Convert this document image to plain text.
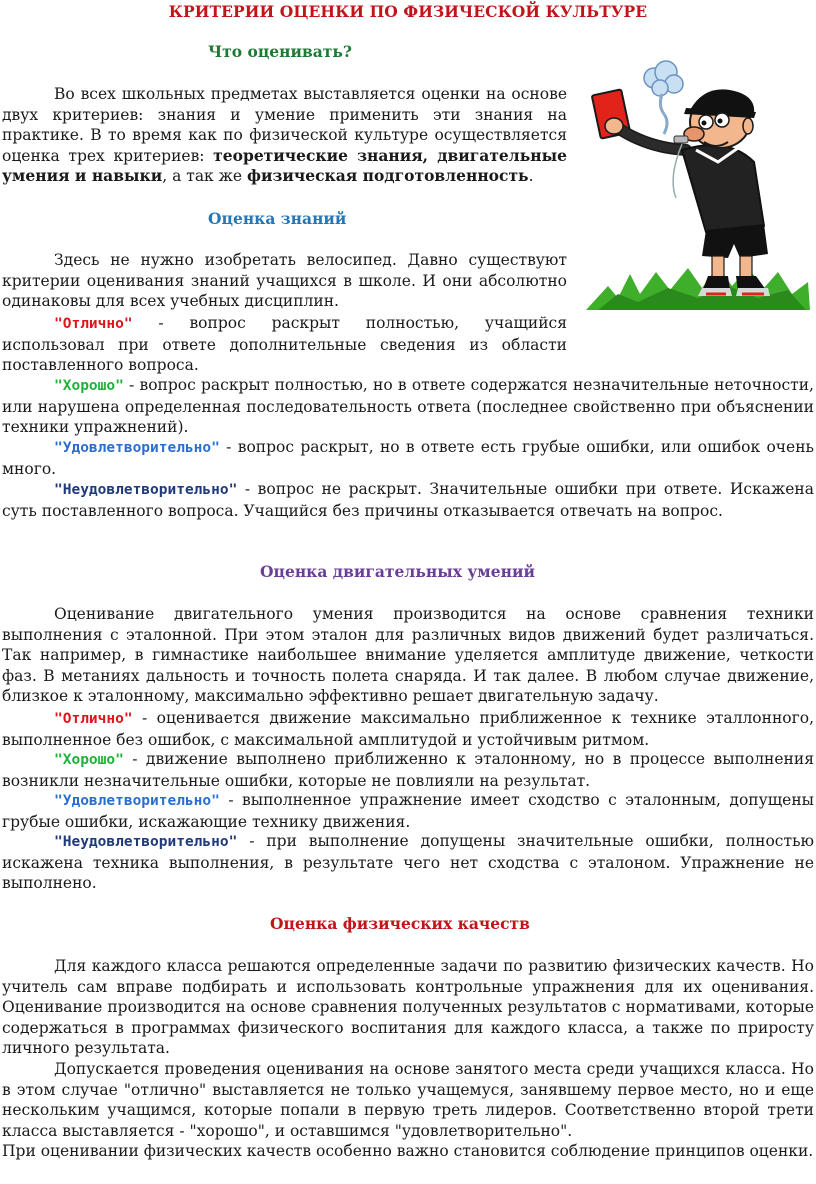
КРИТЕРИИ ОЦЕНКИ ПО ФИЗИЧЕСКОЙ КУЛЬТУРЕ
Что оценивать?
Во всех школьных предметах выставляется оценки на основе двух критериев: знания и умение применить эти знания на практике. В то время как по физической культуре осуществляется оценка трех критериев: теоретические знания, двигательные умения и навыки, а так же физическая подготовленность.
Оценка знаний
Здесь не нужно изобретать велосипед. Давно существуют критерии оценивания знаний учащихся в школе. И они абсолютно одинаковы для всех учебных дисциплин.
"Отлично" - вопрос раскрыт полностью, учащийся использовал при ответе дополнительные сведения из области поставленного вопроса.
"Хорошо" - вопрос раскрыт полностью, но в ответе содержатся незначительные неточности, или нарушена определенная последовательность ответа (последнее свойственно при объяснении техники упражнений).
"Удовлетворительно" - вопрос раскрыт, но в ответе есть грубые ошибки, или ошибок очень много.
"Неудовлетворительно" - вопрос не раскрыт. Значительные ошибки при ответе. Искажена суть поставленного вопроса. Учащийся без причины отказывается отвечать на вопрос.
Оценка двигательных умений
Оценивание двигательного умения производится на основе сравнения техники выполнения с эталонной. При этом эталон для различных видов движений будет различаться. Так например, в гимнастике наибольшее внимание уделяется амплитуде движение, четкости фаз. В метаниях дальность и точность полета снаряда. И так далее. В любом случае движение, близкое к эталонному, максимально эффективно решает двигательную задачу.
"Отлично" - оценивается движение максимально приближенное к технике эталлонного, выполненное без ошибок, с максимальной амплитудой и устойчивым ритмом.
"Хорошо" - движение выполнено приближенно к эталонному, но в процессе выполнения возникли незначительные ошибки, которые не повлияли на результат.
"Удовлетворительно" - выполненное упражнение имеет сходство с эталонным, допущены грубые ошибки, искажающие технику движения.
"Неудовлетворительно" - при выполнение допущены значительные ошибки, полностью искажена техника выполнения, в результате чего нет сходства с эталоном. Упражнение не выполнено.
Оценка физических качеств
Для каждого класса решаются определенные задачи по развитию физических качеств. Но учитель сам вправе подбирать и использовать контрольные упражнения для их оценивания. Оценивание производится на основе сравнения полученных результатов с нормативами, которые содержаться в программах физического воспитания для каждого класса, а также по приросту личного результата.
Допускается проведения оценивания на основе занятого места среди учащихся класса. Но в этом случае "отлично" выставляется не только учащемуся, занявшему первое место, но и еще нескольким учащимся, которые попали в первую треть лидеров. Соответственно второй трети класса выставляется - "хорошо", и оставшимся "удовлетворительно".
При оценивании физических качеств особенно важно становится соблюдение принципов оценки.
